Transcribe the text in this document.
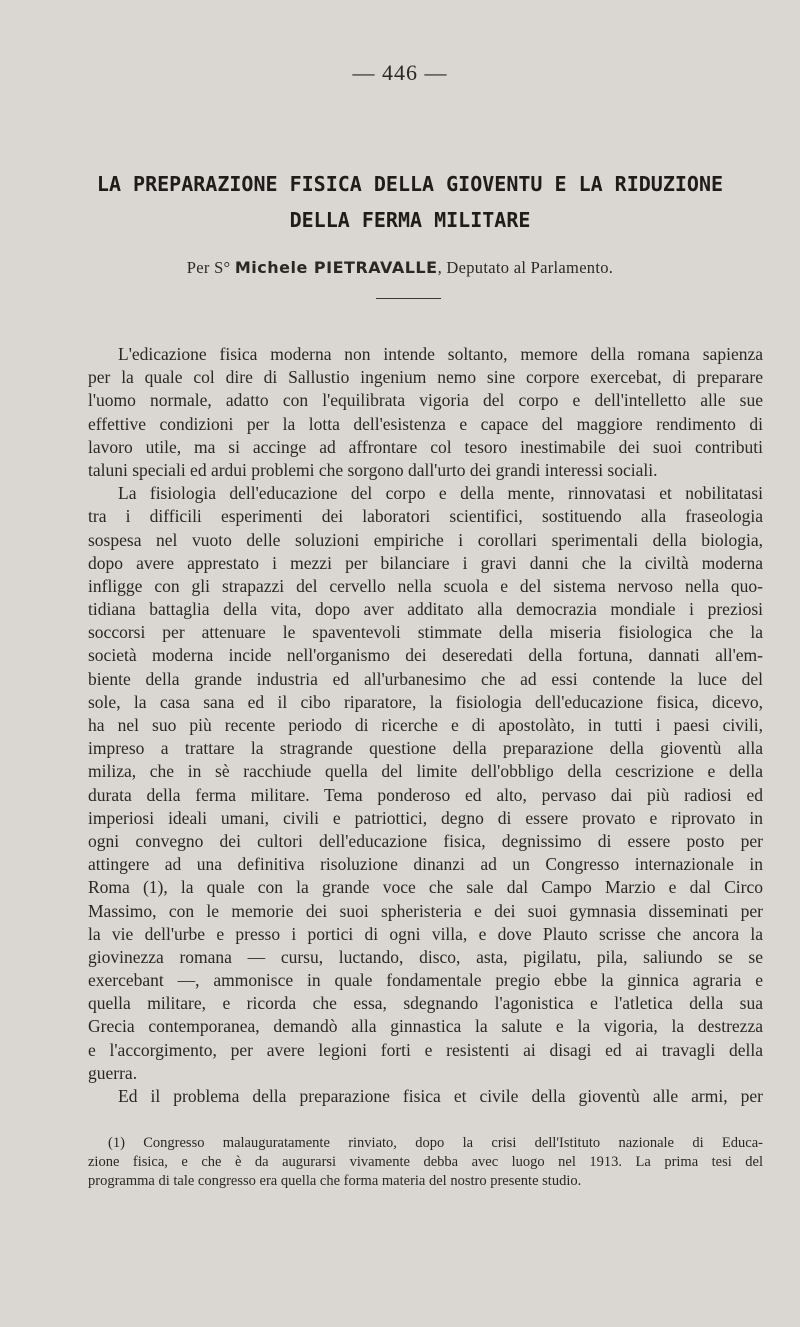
— 446 —
LA PREPARAZIONE FISICA DELLA GIOVENTU E LA RIDUZIONE
DELLA FERMA MILITARE
Per S° Michele PIETRAVALLE, Deputato al Parlamento.
L'edicazione fisica moderna non intende soltanto, memore della romana sapienza
per la quale col dire di Sallustio ingenium nemo sine corpore exercebat, di preparare
l'uomo normale, adatto con l'equilibrata vigoria del corpo e dell'intelletto alle sue
effettive condizioni per la lotta dell'esistenza e capace del maggiore rendimento di
lavoro utile, ma si accinge ad affrontare col tesoro inestimabile dei suoi contributi
taluni speciali ed ardui problemi che sorgono dall'urto dei grandi interessi sociali.
La fisiologia dell'educazione del corpo e della mente, rinnovatasi et nobilitatasi
tra i difficili esperimenti dei laboratori scientifici, sostituendo alla fraseologia
sospesa nel vuoto delle soluzioni empiriche i corollari sperimentali della biologia,
dopo avere apprestato i mezzi per bilanciare i gravi danni che la civiltà moderna
infligge con gli strapazzi del cervello nella scuola e del sistema nervoso nella quo-
tidiana battaglia della vita, dopo aver additato alla democrazia mondiale i preziosi
soccorsi per attenuare le spaventevoli stimmate della miseria fisiologica che la
società moderna incide nell'organismo dei deseredati della fortuna, dannati all'em-
biente della grande industria ed all'urbanesimo che ad essi contende la luce del
sole, la casa sana ed il cibo riparatore, la fisiologia dell'educazione fisica, dicevo,
ha nel suo più recente periodo di ricerche e di apostolàto, in tutti i paesi civili,
impreso a trattare la stragrande questione della preparazione della gioventù alla
miliza, che in sè racchiude quella del limite dell'obbligo della cescrizione e della
durata della ferma militare. Tema ponderoso ed alto, pervaso dai più radiosi ed
imperiosi ideali umani, civili e patriottici, degno di essere provato e riprovato in
ogni convegno dei cultori dell'educazione fisica, degnissimo di essere posto per
attingere ad una definitiva risoluzione dinanzi ad un Congresso internazionale in
Roma (1), la quale con la grande voce che sale dal Campo Marzio e dal Circo
Massimo, con le memorie dei suoi spheristeria e dei suoi gymnasia disseminati per
la vie dell'urbe e presso i portici di ogni villa, e dove Plauto scrisse che ancora la
giovinezza romana — cursu, luctando, disco, asta, pigilatu, pila, saliundo se se
exercebant —, ammonisce in quale fondamentale pregio ebbe la ginnica agraria e
quella militare, e ricorda che essa, sdegnando l'agonistica e l'atletica della sua
Grecia contemporanea, demandò alla ginnastica la salute e la vigoria, la destrezza
e l'accorgimento, per avere legioni forti e resistenti ai disagi ed ai travagli della
guerra.
Ed il problema della preparazione fisica et civile della gioventù alle armi, per
(1) Congresso malauguratamente rinviato, dopo la crisi dell'Istituto nazionale di Educa-
zione fisica, e che è da augurarsi vivamente debba avec luogo nel 1913. La prima tesi del
programma di tale congresso era quella che forma materia del nostro presente studio.
